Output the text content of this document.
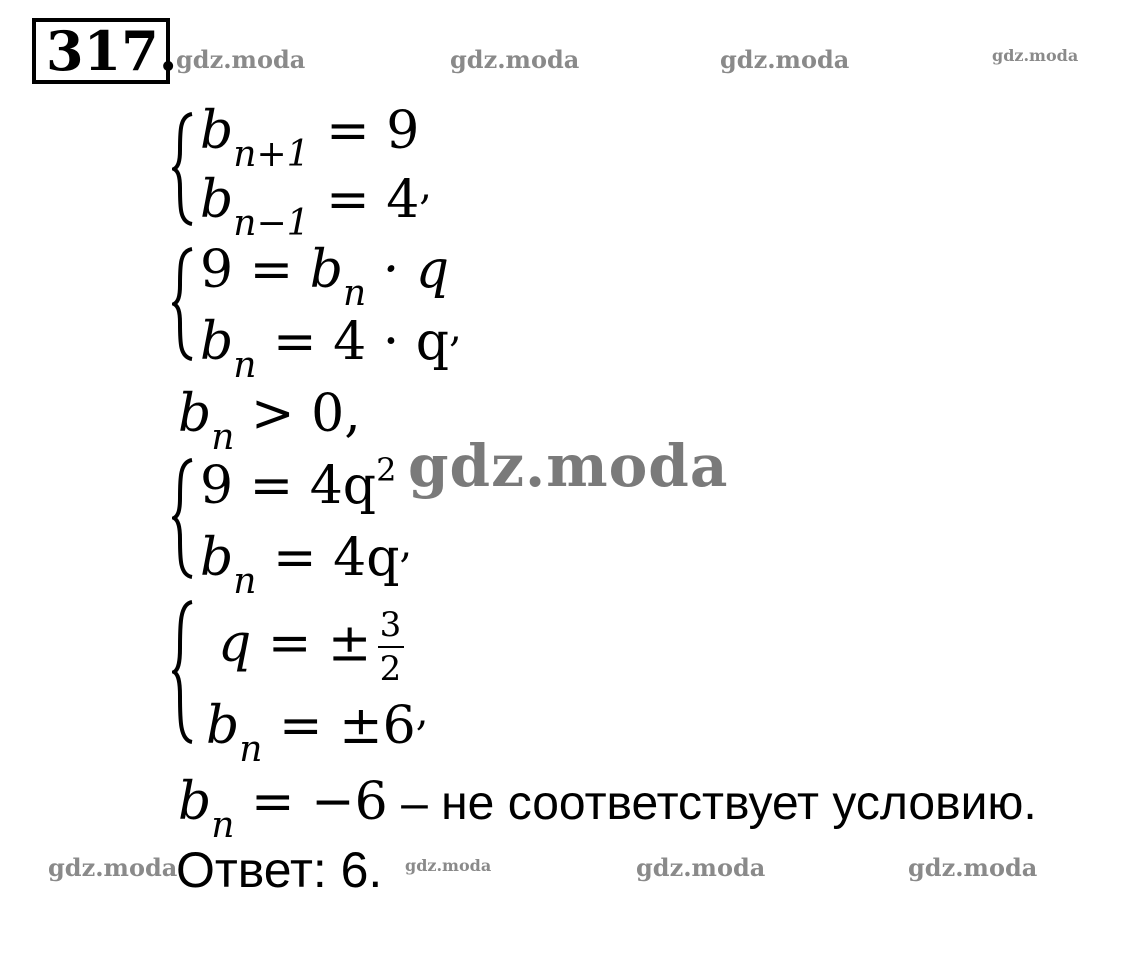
317.
gdz.moda	gdz.moda	gdz.moda	gdz.moda
gdz.moda
gdz.moda	gdz.moda	gdz.moda	gdz.moda
$b_{n+1} = 9$
$b_{n-1} = 4^,$
$9 = b_n \cdot q$
$b_n = 4 \cdot q^,$
$b_n > 0$,
$9 = 4q^2$
$b_n = 4q^,$
q = ± $\frac{3}{2}$
$b_n = \pm 6^,$
$b_n = -6$ – не соответствует условию.
Ответ: 6.
